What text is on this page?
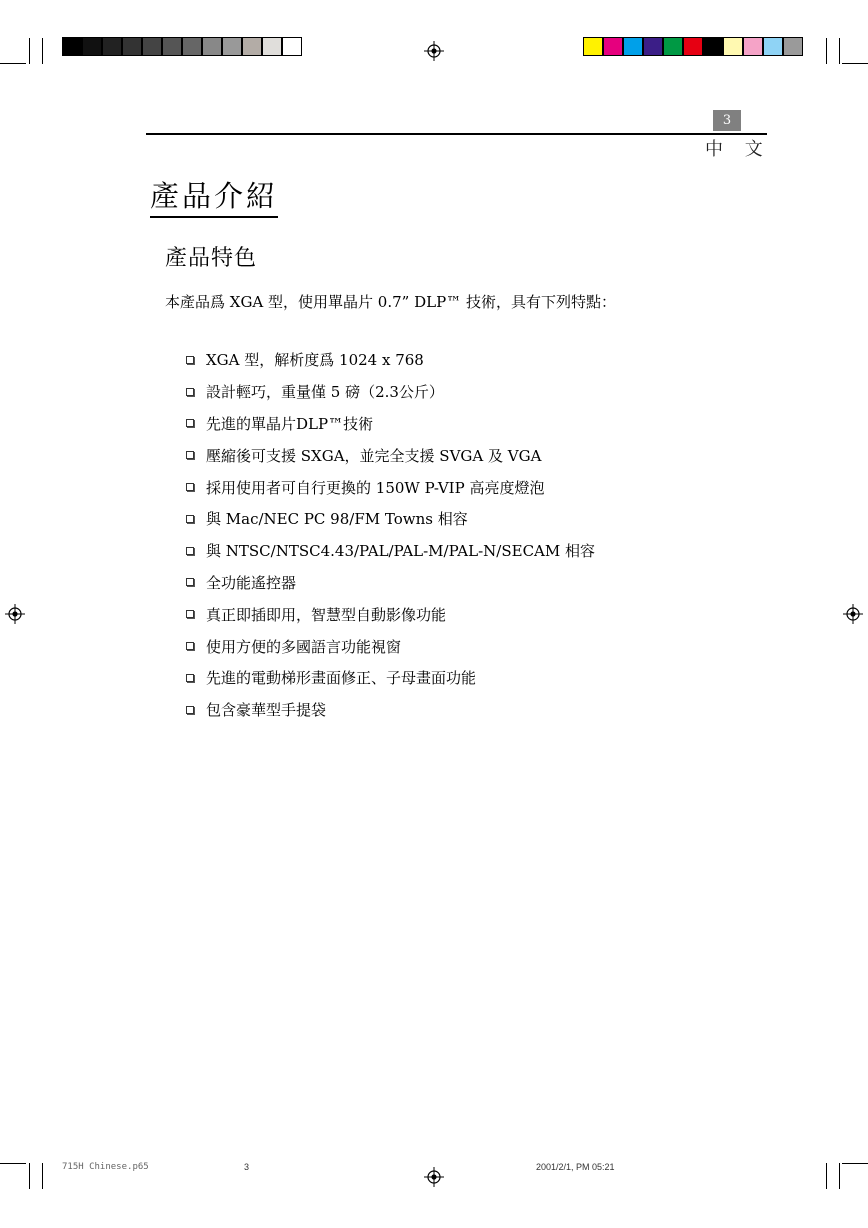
3
中 文
產品介紹
產品特色
本產品爲 XGA 型，使用單晶片 0.7” DLP™ 技術，具有下列特點：
XGA 型，解析度爲 1024 x 768
設計輕巧，重量僅 5 磅（2.3公斤）
先進的單晶片DLP™技術
壓縮後可支援 SXGA，並完全支援 SVGA 及 VGA
採用使用者可自行更換的 150W P-VIP 高亮度燈泡
與 Mac/NEC PC 98/FM Towns 相容
與 NTSC/NTSC4.43/PAL/PAL-M/PAL-N/SECAM 相容
全功能遙控器
真正即插即用，智慧型自動影像功能
使用方便的多國語言功能視窗
先進的電動梯形畫面修正、子母畫面功能
包含豪華型手提袋
715H Chinese.p65	3	2001/2/1, PM 05:21
